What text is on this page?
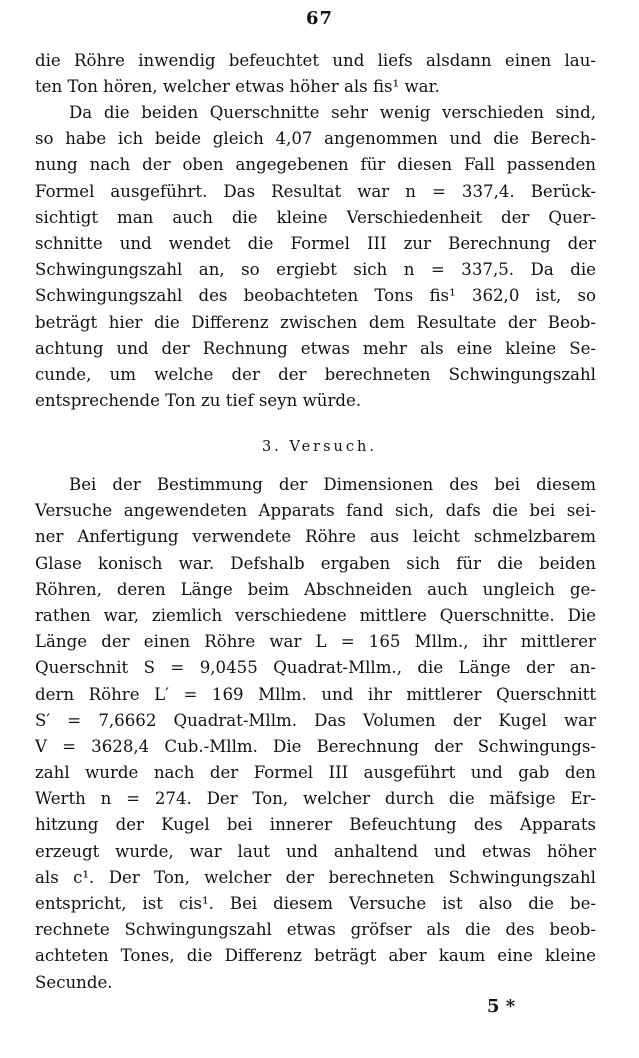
67
die Röhre inwendig befeuchtet und liefs alsdann einen lau-
ten Ton hören, welcher etwas höher als fis¹ war.
Da die beiden Querschnitte sehr wenig verschieden sind,
so habe ich beide gleich 4,07 angenommen und die Berech-
nung nach der oben angegebenen für diesen Fall passenden
Formel ausgeführt. Das Resultat war n = 337,4. Berück-
sichtigt man auch die kleine Verschiedenheit der Quer-
schnitte und wendet die Formel III zur Berechnung der
Schwingungszahl an, so ergiebt sich n = 337,5. Da die
Schwingungszahl des beobachteten Tons fis¹ 362,0 ist, so
beträgt hier die Differenz zwischen dem Resultate der Beob-
achtung und der Rechnung etwas mehr als eine kleine Se-
cunde, um welche der der berechneten Schwingungszahl
entsprechende Ton zu tief seyn würde.
3. Versuch.
Bei der Bestimmung der Dimensionen des bei diesem
Versuche angewendeten Apparats fand sich, dafs die bei sei-
ner Anfertigung verwendete Röhre aus leicht schmelzbarem
Glase konisch war. Defshalb ergaben sich für die beiden
Röhren, deren Länge beim Abschneiden auch ungleich ge-
rathen war, ziemlich verschiedene mittlere Querschnitte. Die
Länge der einen Röhre war L = 165 Mllm., ihr mittlerer
Querschnit S = 9,0455 Quadrat-Mllm., die Länge der an-
dern Röhre L′ = 169 Mllm. und ihr mittlerer Querschnitt
S′ = 7,6662 Quadrat-Mllm. Das Volumen der Kugel war
V = 3628,4 Cub.-Mllm. Die Berechnung der Schwingungs-
zahl wurde nach der Formel III ausgeführt und gab den
Werth n = 274. Der Ton, welcher durch die mäfsige Er-
hitzung der Kugel bei innerer Befeuchtung des Apparats
erzeugt wurde, war laut und anhaltend und etwas höher
als c¹. Der Ton, welcher der berechneten Schwingungszahl
entspricht, ist cis¹. Bei diesem Versuche ist also die be-
rechnete Schwingungszahl etwas gröfser als die des beob-
achteten Tones, die Differenz beträgt aber kaum eine kleine
Secunde.
5 *
